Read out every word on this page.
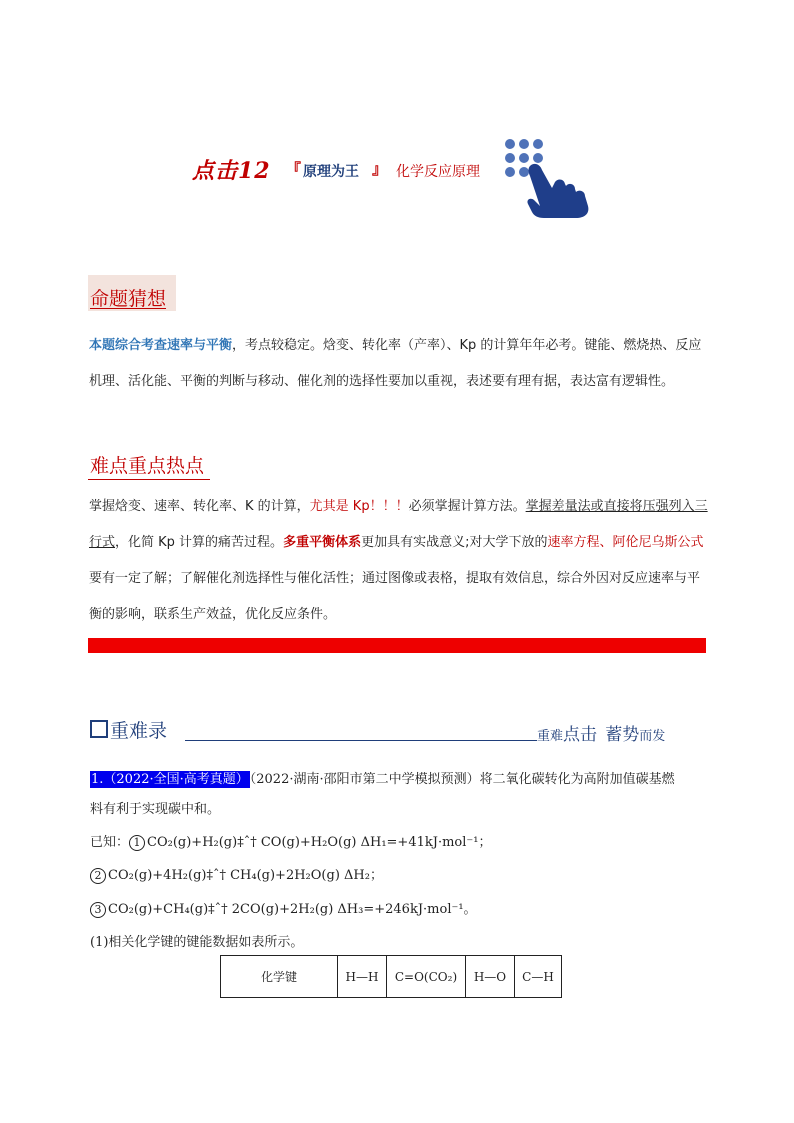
点击12 『 原理为王 』 化学反应原理
命题猜想
本题综合考查速率与平衡，考点较稳定。焓变、转化率（产率）、Kp 的计算年年必考。键能、燃烧热、反应机理、活化能、平衡的判断与移动、催化剂的选择性要加以重视，表述要有理有据，表达富有逻辑性。
难点重点热点
掌握焓变、速率、转化率、K 的计算，尤其是 Kp！！！必须掌握计算方法。掌握差量法或直接将压强列入三行式，化简 Kp 计算的痛苦过程。多重平衡体系更加具有实战意义;对大学下放的速率方程、阿伦尼乌斯公式要有一定了解；了解催化剂选择性与催化活性；通过图像或表格，提取有效信息，综合外因对反应速率与平衡的影响，联系生产效益，优化反应条件。
重难录	重难点击 蓄势而发
1.（2022·全国·高考真题）（2022·湖南·邵阳市第二中学模拟预测）将二氧化碳转化为高附加值碳基燃
料有利于实现碳中和。
已知： 1 CO₂(g)+H₂(g)‡ˆ† CO(g)+H₂O(g) ΔH₁=+41kJ·mol⁻¹；
2 CO₂(g)+4H₂(g)‡ˆ† CH₄(g)+2H₂O(g) ΔH₂；
3 CO₂(g)+CH₄(g)‡ˆ† 2CO(g)+2H₂(g) ΔH₃=+246kJ·mol⁻¹。
(1)相关化学键的键能数据如表所示。
化学键	H—H	C=O(CO₂)	H—O	C—H
